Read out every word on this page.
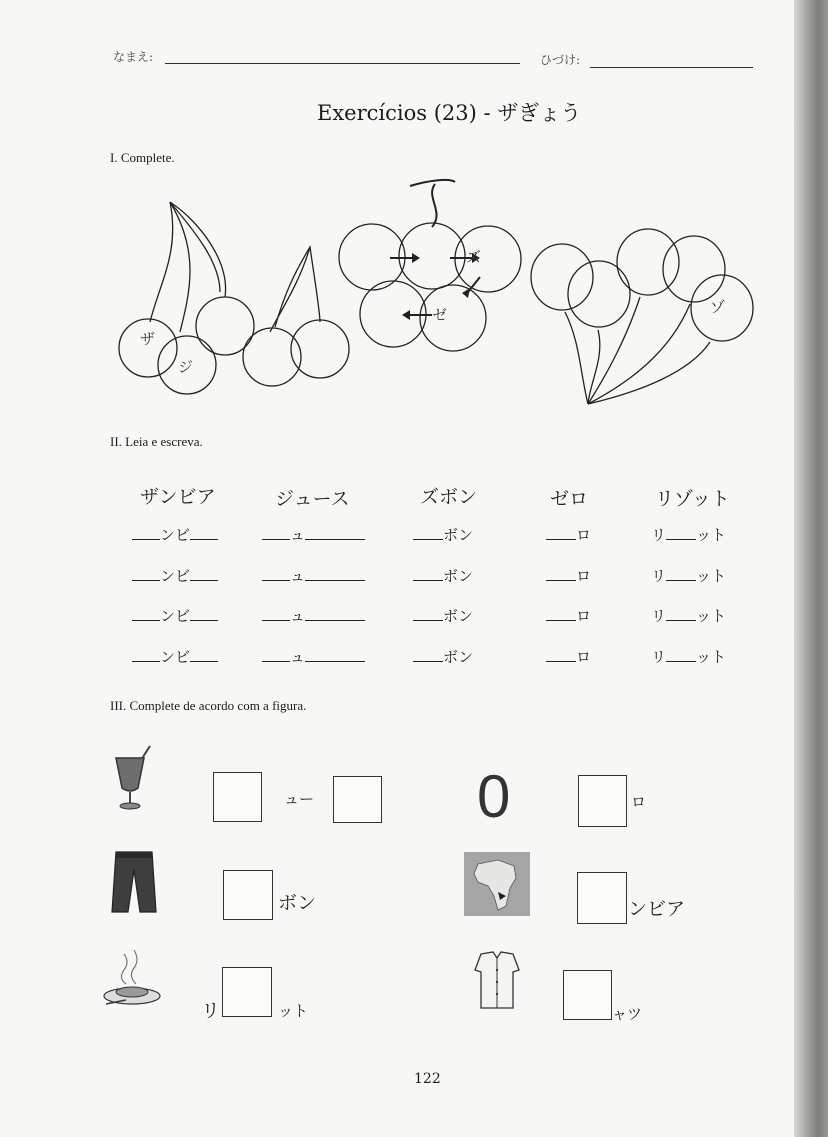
なまえ:	ひづけ:
Exercícios (23) - ザぎょう
I. Complete.
ザ
ジ
ズ
ゼ	ゾ
II. Leia e escreva.
ザンビア	ジュース	ズボン	ゼロ	リゾット
ンビ	ュ	ボン	ロ	リ ット
ンビ	ュ	ボン	ロ	リ ット
ンビ	ュ	ボン	ロ	リ ット
ンビ	ュ	ボン	ロ	リ ット
III. Complete de acordo com a figura.
ュー	0	ロ
ボン	ンビア
リ	ット	ャツ
122
